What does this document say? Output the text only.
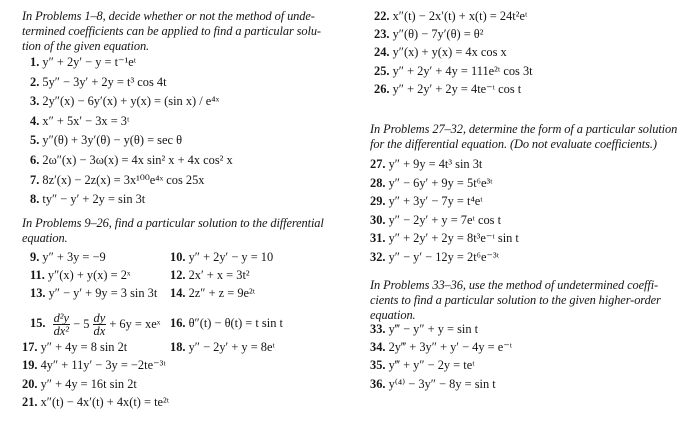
In Problems 1–8, decide whether or not the method of unde-
termined coefficients can be applied to find a particular solu-
tion of the given equation.
1. y″ + 2y′ − y = t⁻¹eᵗ
2. 5y″ − 3y′ + 2y = t³ cos 4t
3. 2y″(x) − 6y′(x) + y(x) = (sin x) / e⁴ˣ
4. x″ + 5x′ − 3x = 3ᵗ
5. y″(θ) + 3y′(θ) − y(θ) = sec θ
6. 2ω″(x) − 3ω(x) = 4x sin² x + 4x cos² x
7. 8z′(x) − 2z(x) = 3x¹⁰⁰e⁴ˣ cos 25x
8. ty″ − y′ + 2y = sin 3t
In Problems 9–26, find a particular solution to the differential
equation.
9. y″ + 3y = −9
11. y″(x) + y(x) = 2ˣ
13. y″ − y′ + 9y = 3 sin 3t
10. y″ + 2y′ − y = 10
12. 2x′ + x = 3t²
14. 2z″ + z = 9e²ᵗ
15. $\frac{\text{d²y}}{\text{dx²}} - 5 \frac{dy}{dx} + 6y$ = xeˣ 16. θ″(t) − θ(t) = t sin t
17. y″ + 4y = 8 sin 2t	18. y″ − 2y′ + y = 8eᵗ
19. 4y″ + 11y′ − 3y = −2te⁻³ᵗ
20. y″ + 4y = 16t sin 2t
21. x″(t) − 4x′(t) + 4x(t) = te²ᵗ
22. x″(t) − 2x′(t) + x(t) = 24t²eᵗ
23. y″(θ) − 7y′(θ) = θ²
24. y″(x) + y(x) = 4x cos x
25. y″ + 2y′ + 4y = 111e²ᵗ cos 3t
26. y″ + 2y′ + 2y = 4te⁻ᵗ cos t
In Problems 27–32, determine the form of a particular solution
for the differential equation. (Do not evaluate coefficients.)
27. y″ + 9y = 4t³ sin 3t
28. y″ − 6y′ + 9y = 5t⁶e³ᵗ
29. y″ + 3y′ − 7y = t⁴eᵗ
30. y″ − 2y′ + y = 7eᵗ cos t
31. y″ + 2y′ + 2y = 8t³e⁻ᵗ sin t
32. y″ − y′ − 12y = 2t⁶e⁻³ᵗ
In Problems 33–36, use the method of undetermined coeffi-
cients to find a particular solution to the given higher-order
equation.
33. y‴ − y″ + y = sin t
34. 2y‴ + 3y″ + y′ − 4y = e⁻ᵗ
35. y‴ + y″ − 2y = teᵗ
36. y⁽⁴⁾ − 3y″ − 8y = sin t
